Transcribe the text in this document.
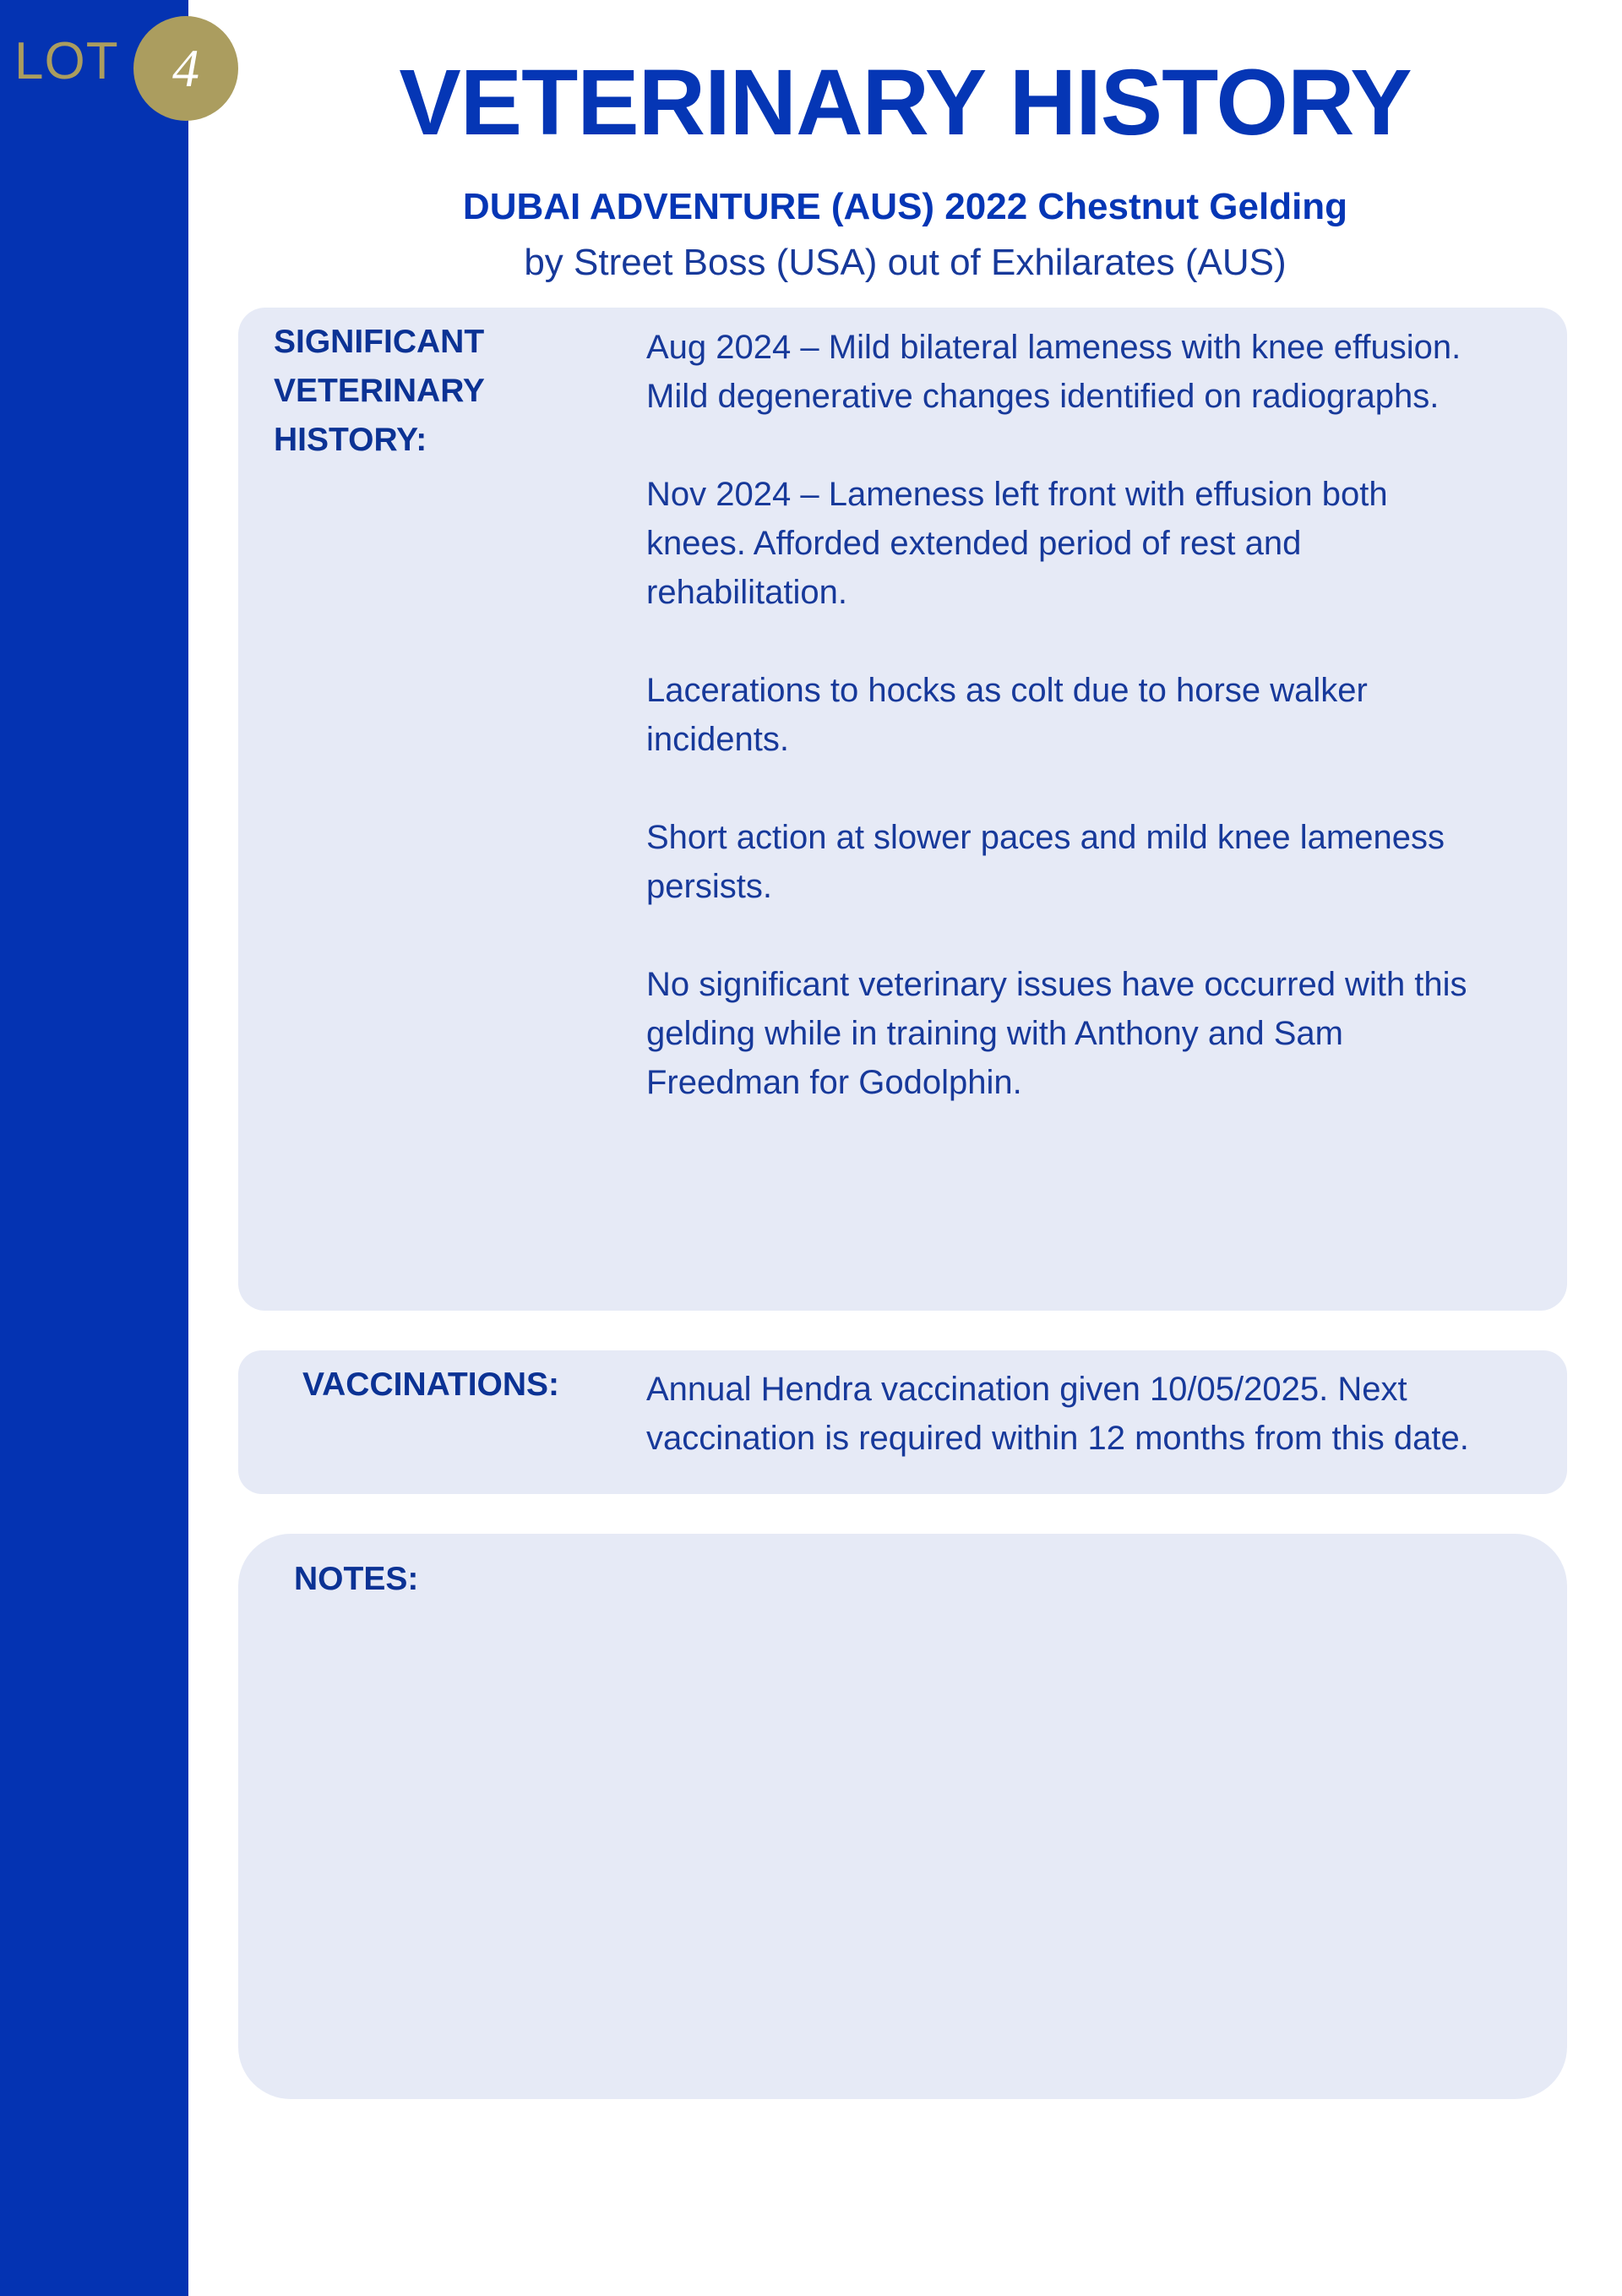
LOT 4	VETERINARY HISTORY
DUBAI ADVENTURE (AUS) 2022 Chestnut Gelding
by Street Boss (USA) out of Exhilarates (AUS)
SIGNIFICANT VETERINARY HISTORY:
Aug 2024 – Mild bilateral lameness with knee effusion.
Mild degenerative changes identified on radiographs.
Nov 2024 – Lameness left front with effusion both
knees. Afforded extended period of rest and
rehabilitation.
Lacerations to hocks as colt due to horse walker
incidents.
Short action at slower paces and mild knee lameness
persists.
No significant veterinary issues have occurred with this
gelding while in training with Anthony and Sam
Freedman for Godolphin.
VACCINATIONS:	Annual Hendra vaccination given 10/05/2025. Next
vaccination is required within 12 months from this date.
NOTES:
